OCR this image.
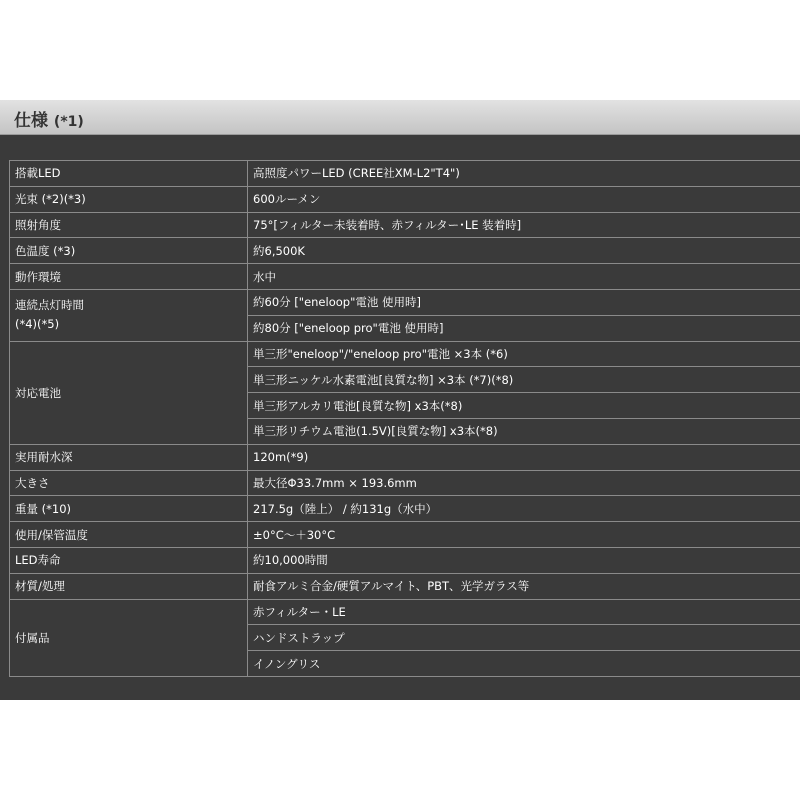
仕様 (*1)
搭載LED	高照度パワーLED (CREE社XM-L2"T4")
光束 (*2)(*3)	600ルーメン
照射角度	75°[フィルター未装着時、赤フィルター･LE 装着時]
色温度 (*3)	約6,500K
動作環境	水中

連続点灯時間
(*4)(*5)	約60分 ["eneloop"電池 使用時]
	約80分 ["eneloop pro"電池 使用時]
対応電池	単三形"eneloop"/"eneloop pro"電池 ×3本 (*6)
	単三形ニッケル水素電池[良質な物] ×3本 (*7)(*8)
	単三形アルカリ電池[良質な物] x3本(*8)
	単三形リチウム電池(1.5V)[良質な物] x3本(*8)
実用耐水深	120m(*9)
大きさ	最大径Φ33.7mm × 193.6mm
重量 (*10)	217.5g（陸上） / 約131g（水中）
使用/保管温度	±0°C～＋30°C
LED寿命	約10,000時間
材質/処理	耐食アルミ合金/硬質アルマイト、PBT、光学ガラス等
付属品	赤フィルター・LE
	ハンドストラップ
	イノングリス
